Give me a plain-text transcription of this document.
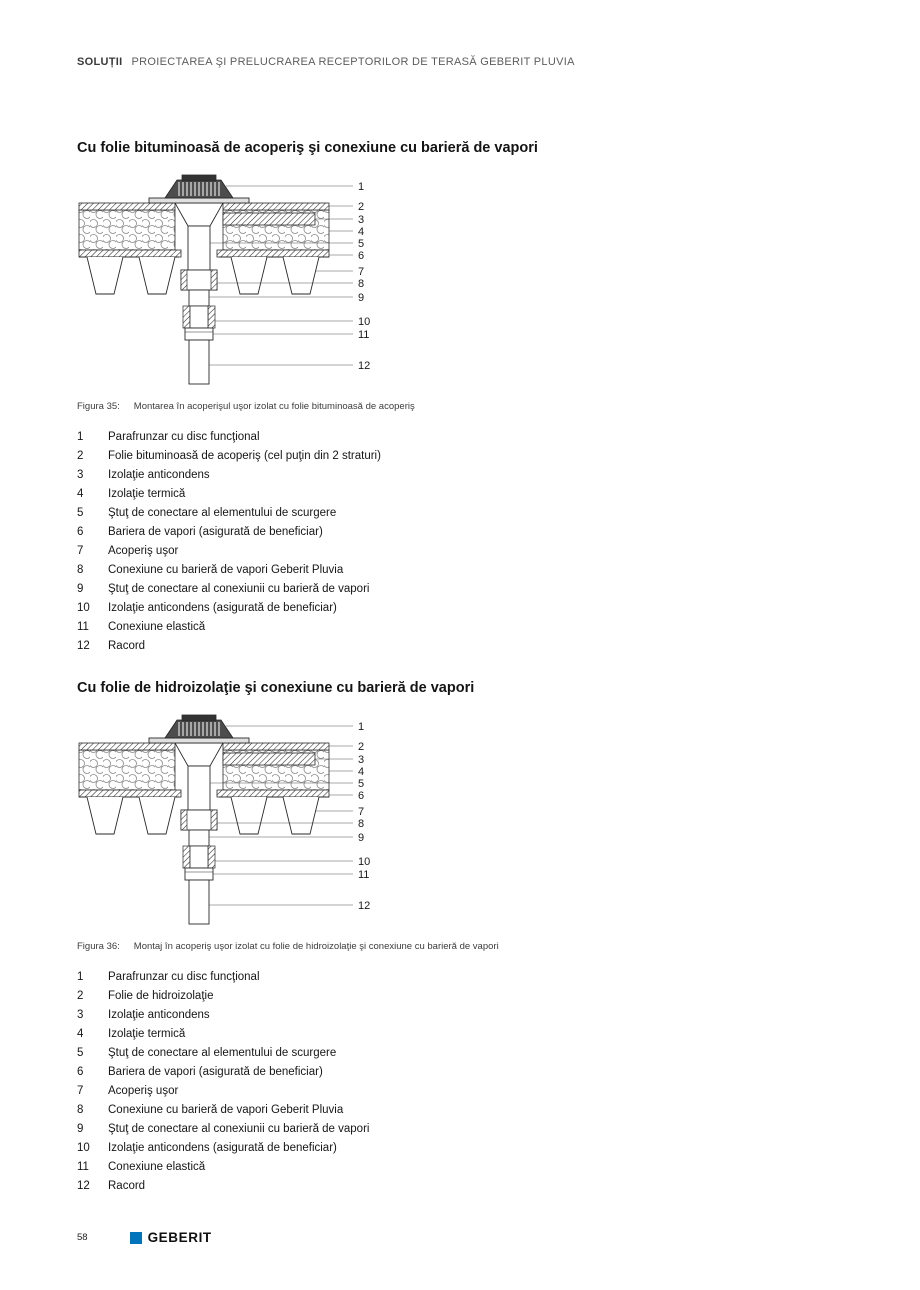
SOLUȚII PROIECTAREA ŞI PRELUCRAREA RECEPTORILOR DE TERASĂ GEBERIT PLUVIA
Cu folie bituminoasă de acoperiş şi conexiune cu barieră de vapori
1
2
3
4
5
6
7
8
9
10
11
12

Figura 35: Montarea în acoperişul uşor izolat cu folie bituminoasă de acoperiş

1	Parafrunzar cu disc funcţional
2	Folie bituminoasă de acoperiş (cel puţin din 2 straturi)
3	Izolaţie anticondens
4	Izolaţie termică
5	Ştuţ de conectare al elementului de scurgere
6	Bariera de vapori (asigurată de beneficiar)
7	Acoperiş uşor
8	Conexiune cu barieră de vapori Geberit Pluvia
9	Ştuţ de conectare al conexiunii cu barieră de vapori
10	Izolaţie anticondens (asigurată de beneficiar)
11	Conexiune elastică
12	Racord
Cu folie de hidroizolaţie şi conexiune cu barieră de vapori
1
2
3
4
5
6
7
8
9
10
11
12

Figura 36: Montaj în acoperiş uşor izolat cu folie de hidroizolaţie şi conexiune cu barieră de vapori

1	Parafrunzar cu disc funcţional
2	Folie de hidroizolaţie
3	Izolaţie anticondens
4	Izolaţie termică
5	Ştuţ de conectare al elementului de scurgere
6	Bariera de vapori (asigurată de beneficiar)
7	Acoperiş uşor
8	Conexiune cu barieră de vapori Geberit Pluvia
9	Ştuţ de conectare al conexiunii cu barieră de vapori
10	Izolaţie anticondens (asigurată de beneficiar)
11	Conexiune elastică
12	Racord
58	GEBERIT
